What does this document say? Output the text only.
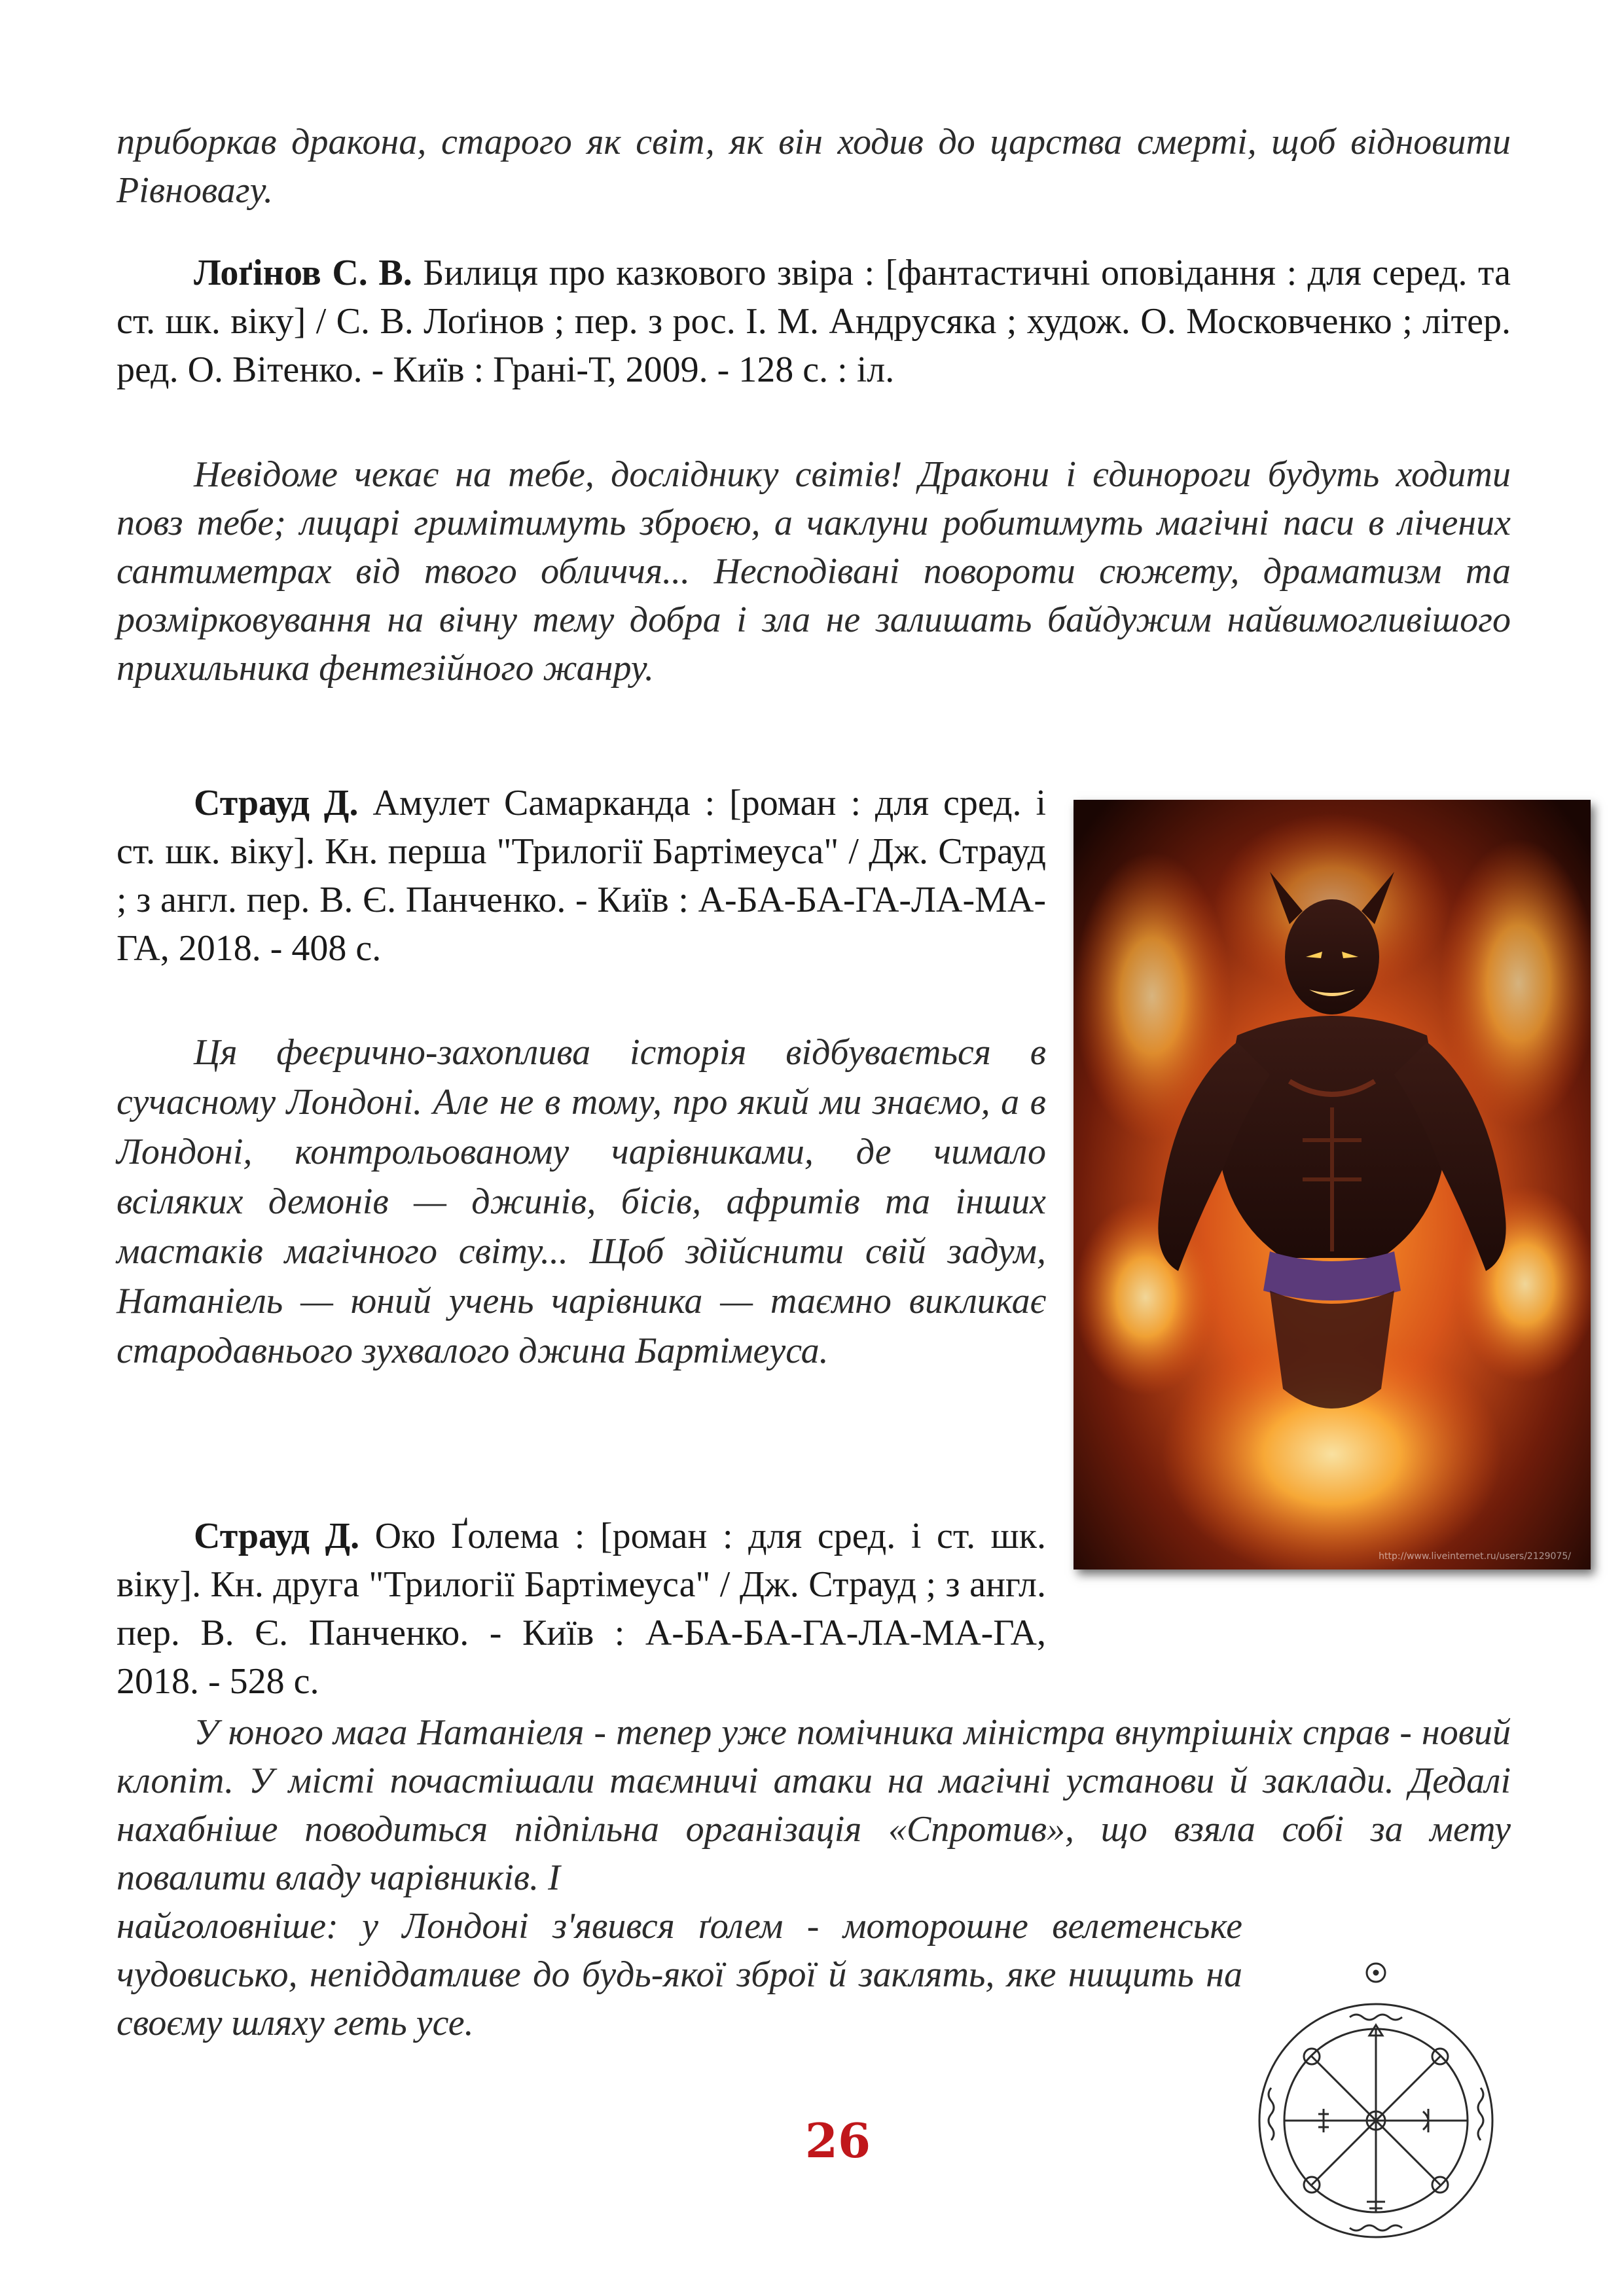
приборкав дракона, старого як світ, як він ходив до царства смерті, щоб відновити Рівновагу.
Лоґінов С. В. Билиця про казкового звіра : [фантастичні оповідання : для серед. та ст. шк. віку] / С. В. Лоґінов ; пер. з рос. І. М. Андрусяка ; худож. О. Московченко ; літер. ред. О. Вітенко. - Київ : Грані-Т, 2009. - 128 с. : іл.
Невідоме чекає на тебе, досліднику світів! Дракони і єдинороги будуть ходити повз тебе; лицарі гримітимуть зброєю, а чаклуни робитимуть магічні паси в лічених сантиметрах від твого обличчя... Несподівані повороти сюжету, драматизм та розмірковування на вічну тему добра і зла не залишать байдужим найвимогливішого прихильника фентезійного жанру.
Страуд Д. Амулет Самарканда : [роман : для сред. і ст. шк. віку]. Кн. перша "Трилогії Бартімеуса" / Дж. Страуд ; з англ. пер. В. Є. Панченко. - Київ : А-БА-БА-ГА-ЛА-МА-ГА, 2018. - 408 с.
Ця феєрично-захоплива історія відбувається в сучасному Лондоні. Але не в тому, про який ми знаємо, а в Лондоні, контрольованому чарівниками, де чимало всіляких демонів — джинів, бісів, афритів та інших мастаків магічного світу... Щоб здійснити свій задум, Натаніель — юний учень чарівника — таємно викликає стародавнього зухвалого джина Бартімеуса.
Страуд Д. Око Ґолема : [роман : для сред. і ст. шк. віку]. Кн. друга "Трилогії Бартімеуса" / Дж. Страуд ; з англ. пер. В. Є. Панченко. - Київ : А-БА-БА-ГА-ЛА-МА-ГА, 2018. - 528 с.
У юного мага Натаніеля - тепер уже помічника міністра внутрішніх справ - новий клопіт. У місті почастішали таємничі атаки на магічні установи й заклади. Дедалі нахабніше поводиться підпільна організація «Спротив», що взяла собі за мету повалити владу чарівників. І
найголовніше: у Лондоні з'явився ґолем - моторошне велетенське чудовисько, непіддатливе до будь-якої зброї й заклять, яке нищить на своєму шляху геть усе.
http://www.liveinternet.ru/users/2129075/
26
